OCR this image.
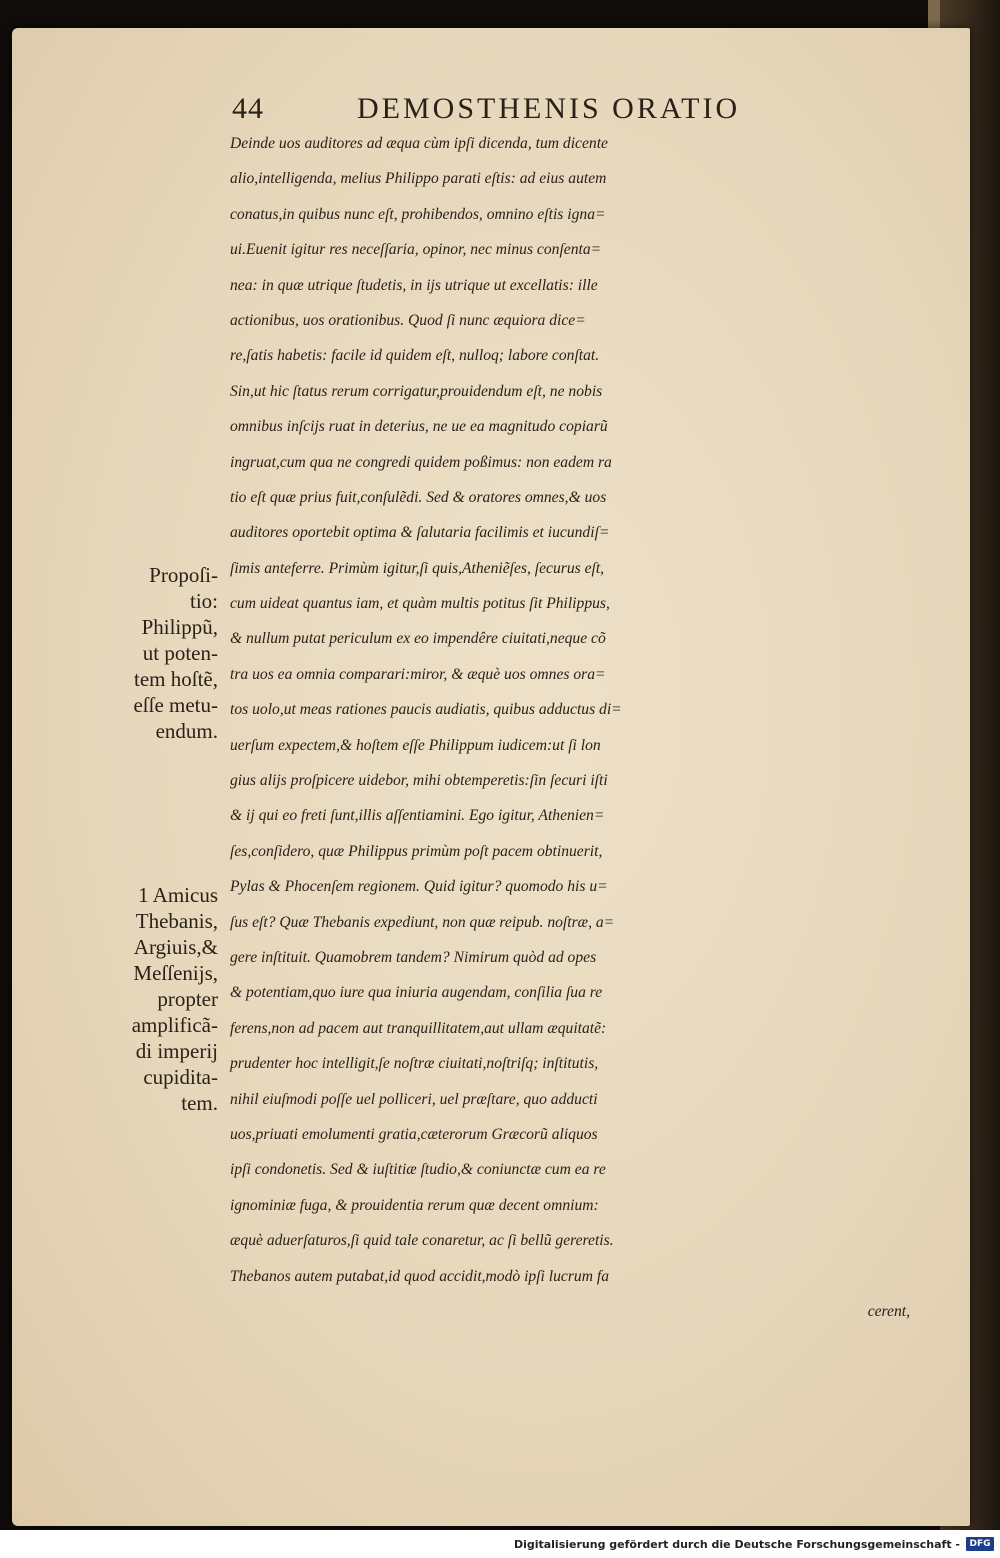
44	DEMOSTHENIS ORATIO
Propoſi-
tio:
Philippũ,
ut poten-
tem hoſtẽ,
eſſe metu-
endum.
1 Amicus
Thebanis,
Argiuis,&
Meſſenijs,
propter
amplificã-
di imperij
cupidita-
tem.
Deinde uos auditores ad æqua cùm ipſi dicenda, tum dicente
alio,intelligenda, melius Philippo parati eſtis: ad eius autem
conatus,in quibus nunc eſt, prohibendos, omnino eſtis igna=
ui.Euenit igitur res neceſſaria, opinor, nec minus conſenta=
nea: in quæ utrique ſtudetis, in ijs utrique ut excellatis: ille
actionibus, uos orationibus. Quod ſi nunc æquiora dice=
re,ſatis habetis: facile id quidem eſt, nulloq; labore conſtat.
Sin,ut hic ſtatus rerum corrigatur,prouidendum eſt, ne nobis
omnibus inſcijs ruat in deterius, ne ue ea magnitudo copiarũ
ingruat,cum qua ne congredi quidem poßimus: non eadem ra
tio eſt quæ prius fuit,conſulẽdi. Sed & oratores omnes,& uos
auditores oportebit optima & ſalutaria facilimis et iucundiſ=
ſimis anteferre. Primùm igitur,ſi quis,Atheniẽſes, ſecurus eſt,
cum uideat quantus iam, et quàm multis potitus ſit Philippus,
& nullum putat periculum ex eo impendêre ciuitati,neque cõ
tra uos ea omnia comparari:miror, & æquè uos omnes ora=
tos uolo,ut meas rationes paucis audiatis, quibus adductus di=
uerſum expectem,& hoſtem eſſe Philippum iudicem:ut ſi lon
gius alijs proſpicere uidebor, mihi obtemperetis:ſin ſecuri iſti
& ij qui eo freti ſunt,illis aſſentiamini. Ego igitur, Athenien=
ſes,conſidero, quæ Philippus primùm poſt pacem obtinuerit,
Pylas & Phocenſem regionem. Quid igitur? quomodo his u=
ſus eſt? Quæ Thebanis expediunt, non quæ reipub. noſtræ, a=
gere inſtituit. Quamobrem tandem? Nimirum quòd ad opes
& potentiam,quo iure qua iniuria augendam, conſilia ſua re
ferens,non ad pacem aut tranquillitatem,aut ullam æquitatẽ:
prudenter hoc intelligit,ſe noſtræ ciuitati,noſtriſq; inſtitutis,
nihil eiuſmodi poſſe uel polliceri, uel præſtare, quo adducti
uos,priuati emolumenti gratia,cæterorum Græcorũ aliquos
ipſi condonetis. Sed & iuſtitiæ ſtudio,& coniunctæ cum ea re
ignominiæ fuga, & prouidentia rerum quæ decent omnium:
æquè aduerſaturos,ſi quid tale conaretur, ac ſi bellũ gereretis.
Thebanos autem putabat,id quod accidit,modò ipſi lucrum fa
cerent,
Digitalisierung gefördert durch die Deutsche Forschungsgemeinschaft -	DFG
